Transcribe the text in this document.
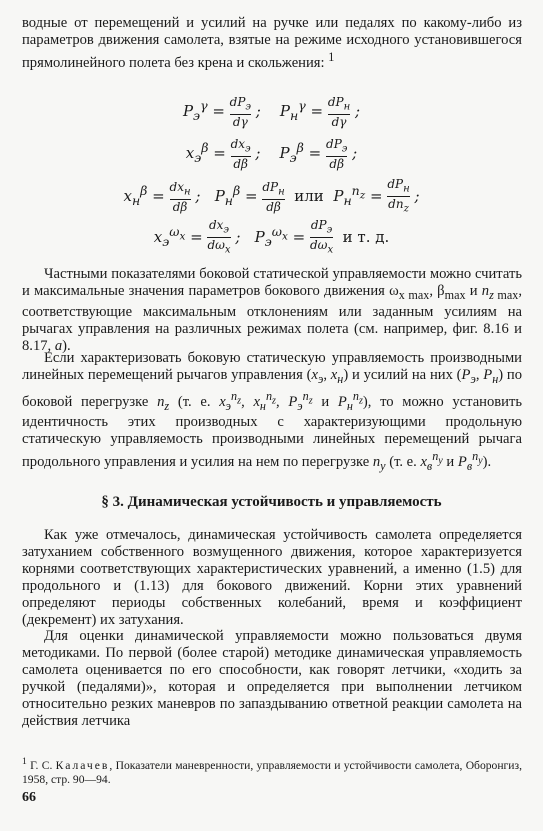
водные от перемещений и усилий на ручке или педалях по какому-либо из параметров движения самолета, взятые на режиме исходного установившегося прямолинейного полета без крена и скольжения: $^1$

$P_э^\gamma$ =
$dP_э$
dγ
;    $P_н^\gamma$ =
$dP_н$
dγ
;
$x_э^\beta$ =
$dx_э$
dβ
;    $P_э^\beta$ =
$dP_э$
dβ
;
$x_н^\beta$ =
$dx_н$
dβ
;   $P_н^\beta$ =
$dP_н$
dβ
или  $P_н^{n_z}$ =
$dP_н$
$dn_z$
;
$x_э^{\omega_x}$ =
$dx_э$
$d\omega_x$
;   $P_э^{\omega_x}$ =
$dP_э$
$d\omega_x$
и т. д.

Частными показателями боковой статической управляемости можно считать и максимальные значения параметров бокового движения $\omega_{x max}$, $\beta_{max}$ и $n_z$ $_{max}$, соответствующие максимальным отклонениям или заданным усилиям на рычагах управления на различных режимах полета (см. например, фиг. 8.16 и 8.17, а).

Если характеризовать боковую статическую управляемость производными линейных перемещений рычагов управления ($x_э$, $x_н$) и усилий на них ($P_э$, $P_н$) по боковой перегрузке $n_z$ (т. е. $x_э^{n_z}$, $x_н^{n_z}$, $P_э^{n_z}$ и $P_н^{n_z}$), то можно установить идентичность этих производных с характеризующими продольную статическую управляемость производными линейных перемещений рычага продольного управления и усилия на нем по перегрузке $n_y$ (т. е. $x_в^{n_y}$ и $P_в^{n_y}$).

§ 3. Динамическая устойчивость и управляемость

Как уже отмечалось, динамическая устойчивость самолета определяется затуханием собственного возмущенного движения, которое характеризуется корнями соответствующих характеристических уравнений, а именно (1.5) для продольного и (1.13) для бокового движений. Корни этих уравнений определяют периоды собственных колебаний, время и коэффициент (декремент) их затухания.

Для оценки динамической управляемости можно пользоваться двумя методиками. По первой (более старой) методике динамическая управляемость самолета оценивается по его способности, как говорят летчики, «ходить за ручкой (педалями)», которая и определяется при выполнении летчиком относительно резких маневров по запаздыванию ответной реакции самолета на действия летчика

$^1$ Г. С. Калачев, Показатели маневренности, управляемости и устойчивости самолета, Оборонгиз, 1958, стр. 90—94.

66
